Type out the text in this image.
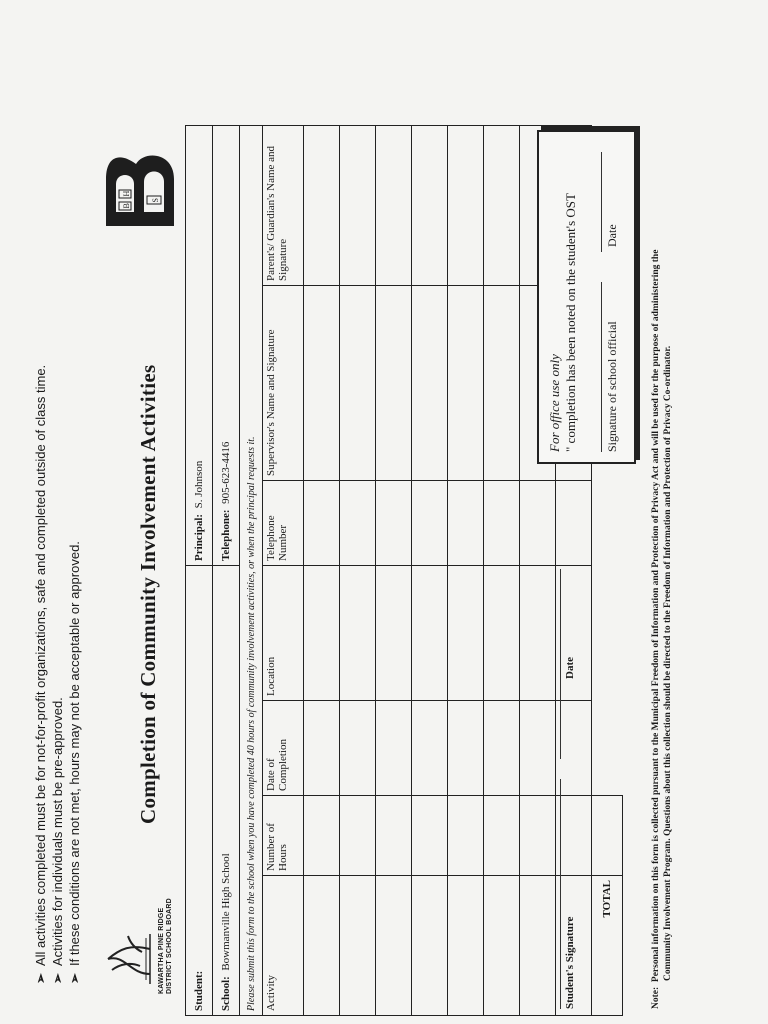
➢All activities completed must be for not-for-profit organizations, safe and completed outside of class time.
➢Activities for individuals must be pre-approved.
➢If these conditions are not met, hours may not be acceptable or approved.	KAWARTHA PINE RIDGE DISTRICT SCHOOL BOARD
Completion of Community Involvement Activities
B
H
S
B
Student:				Principal:  S. Johnson		
School:  Bowmanville High School				Telephone:  905-623-4416		
Please submit this form to the school when you have completed 40 hours of community involvement activities, or when the principal requests it.						
Activity	Number of Hours	Date of Completion	Location	Telephone Number	Supervisor's Name and Signature	Parent's/ Guardian's Name and Signature

TOTAL						
Student's Signature
Date
For office use only " completion has been noted on the student's OST Signature of school official
Date
Note:  Personal information on this form is collected pursuant to the Municipal Freedom of Information and Protection of Privacy Act and will be used for the purpose of administering the Community Involvement Program. Questions about this collection should be directed to the Freedom of Information and Protection of Privacy Co-ordinator.
